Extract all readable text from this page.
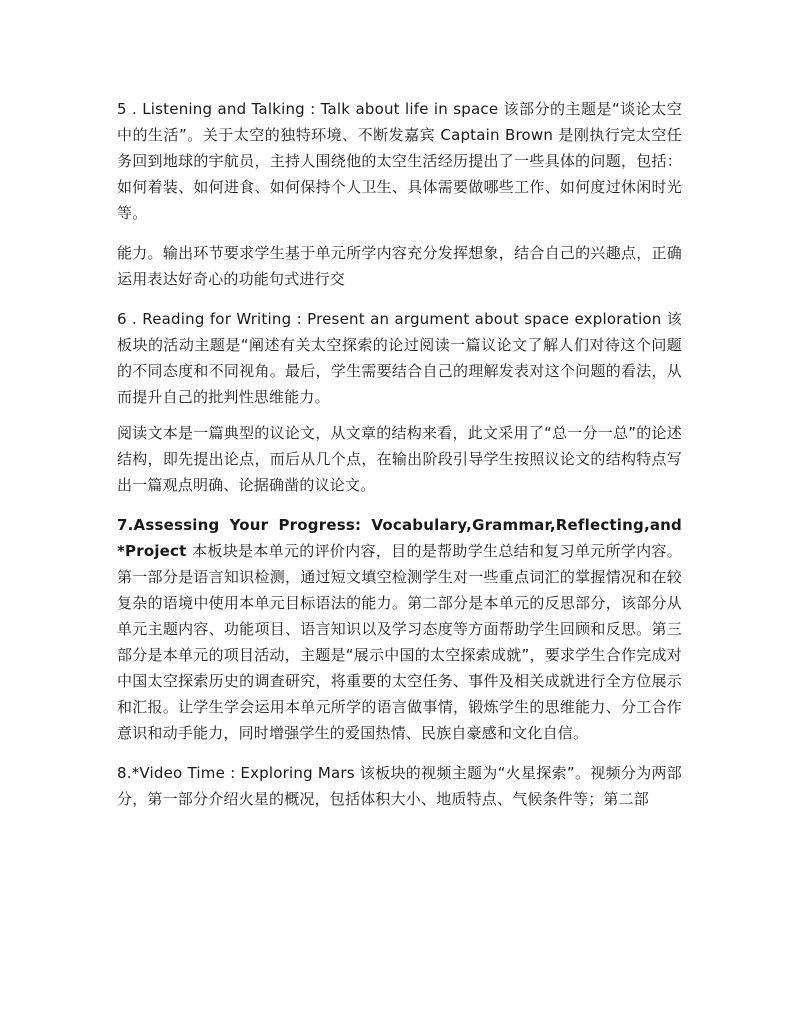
5 . Listening and Talking : Talk about life in space 该部分的主题是“谈论太空中的生活”。关于太空的独特环境、不断发嘉宾 Captain Brown 是刚执行完太空任务回到地球的宇航员，主持人围绕他的太空生活经历提出了一些具体的问题，包括：如何着装、如何进食、如何保持个人卫生、具体需要做哪些工作、如何度过休闲时光等。

能力。输出环节要求学生基于单元所学内容充分发挥想象，结合自己的兴趣点，正确运用表达好奇心的功能句式进行交

6 . Reading for Writing : Present an argument about space exploration 该板块的活动主题是“阐述有关太空探索的论过阅读一篇议论文了解人们对待这个问题的不同态度和不同视角。最后，学生需要结合自己的理解发表对这个问题的看法，从而提升自己的批判性思维能力。

阅读文本是一篇典型的议论文，从文章的结构来看，此文采用了“总一分一总”的论述结构，即先提出论点，而后从几个点，在输出阶段引导学生按照议论文的结构特点写出一篇观点明确、论据确凿的议论文。

7.Assessing Your Progress: Vocabulary,Grammar,Reflecting,and *Project 本板块是本单元的评价内容，目的是帮助学生总结和复习单元所学内容。第一部分是语言知识检测，通过短文填空检测学生对一些重点词汇的掌握情况和在较复杂的语境中使用本单元目标语法的能力。第二部分是本单元的反思部分，该部分从单元主题内容、功能项目、语言知识以及学习态度等方面帮助学生回顾和反思。第三部分是本单元的项目活动，主题是“展示中国的太空探索成就”，要求学生合作完成对中国太空探索历史的调查研究，将重要的太空任务、事件及相关成就进行全方位展示和汇报。让学生学会运用本单元所学的语言做事情，锻炼学生的思维能力、分工合作意识和动手能力，同时增强学生的爱国热情、民族自豪感和文化自信。

8.*Video Time : Exploring Mars 该板块的视频主题为“火星探索”。视频分为两部分，第一部分介绍火星的概况，包括体积大小、地质特点、气候条件等；第二部
